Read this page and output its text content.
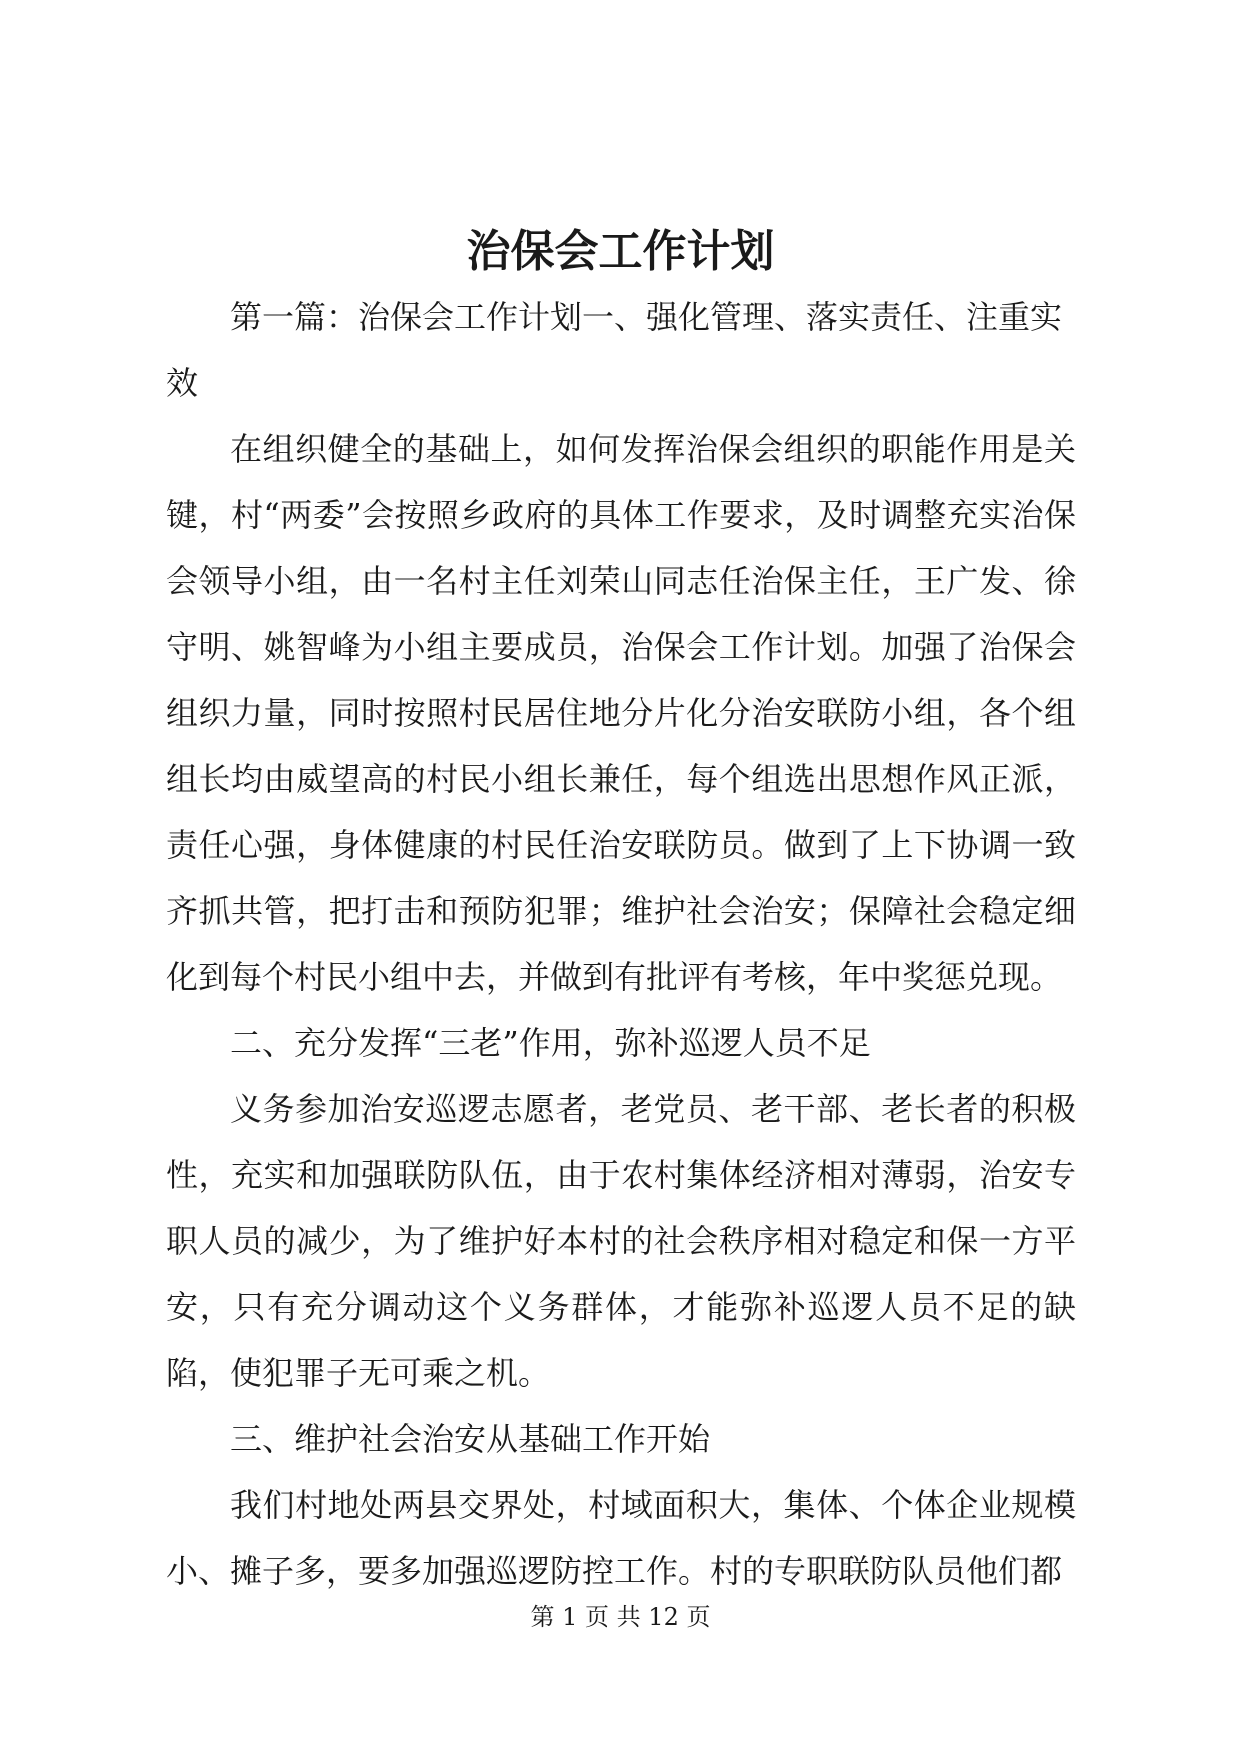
治保会工作计划

第一篇：治保会工作计划一、强化管理、落实责任、注重实效

在组织健全的基础上，如何发挥治保会组织的职能作用是关键，村“两委”会按照乡政府的具体工作要求，及时调整充实治保会领导小组，由一名村主任刘荣山同志任治保主任，王广发、徐守明、姚智峰为小组主要成员，治保会工作计划。加强了治保会组织力量，同时按照村民居住地分片化分治安联防小组，各个组组长均由威望高的村民小组长兼任，每个组选出思想作风正派，责任心强，身体健康的村民任治安联防员。做到了上下协调一致齐抓共管，把打击和预防犯罪；维护社会治安；保障社会稳定细化到每个村民小组中去，并做到有批评有考核，年中奖惩兑现。

二、充分发挥“三老”作用，弥补巡逻人员不足

义务参加治安巡逻志愿者，老党员、老干部、老长者的积极性，充实和加强联防队伍，由于农村集体经济相对薄弱，治安专职人员的减少，为了维护好本村的社会秩序相对稳定和保一方平安，只有充分调动这个义务群体，才能弥补巡逻人员不足的缺陷，使犯罪子无可乘之机。

三、维护社会治安从基础工作开始

我们村地处两县交界处，村域面积大，集体、个体企业规模小、摊子多，要多加强巡逻防控工作。村的专职联防队员他们都

第 1 页 共 12 页
